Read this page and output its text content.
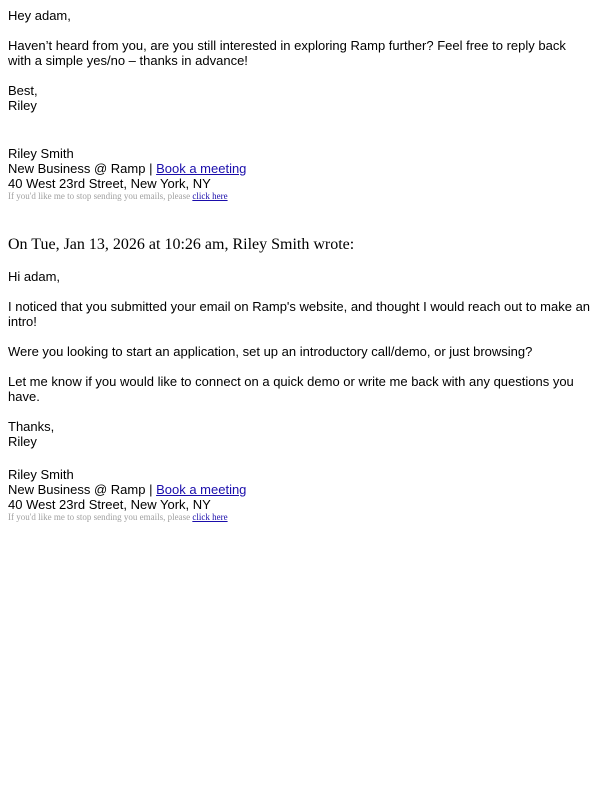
Hey adam,

Haven’t heard from you, are you still interested in exploring Ramp further? Feel free to reply back with a simple yes/no – thanks in advance!

Best,

Riley

Riley Smith

New Business @ Ramp | Book a meeting

40 West 23rd Street, New York, NY

If you'd like me to stop sending you emails, please click here

On Tue, Jan 13, 2026 at 10:26 am, Riley Smith wrote:

Hi adam,

I noticed that you submitted your email on Ramp's website, and thought I would reach out to make an intro!

Were you looking to start an application, set up an introductory call/demo, or just browsing?

Let me know if you would like to connect on a quick demo or write me back with any questions you have.

Thanks,

Riley

Riley Smith

New Business @ Ramp | Book a meeting

40 West 23rd Street, New York, NY

If you'd like me to stop sending you emails, please click here
